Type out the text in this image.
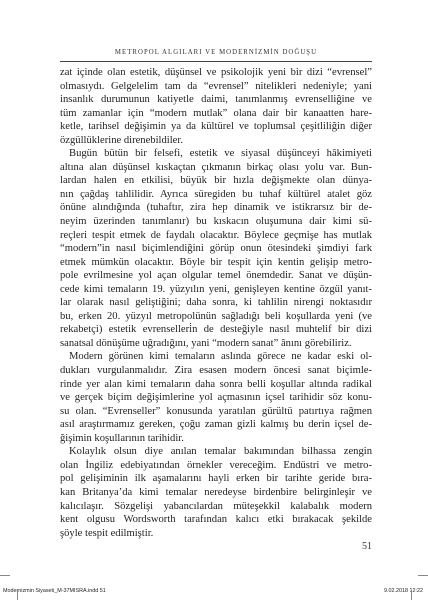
METROPOL ALGILARI VE MODERNİZMİN DOĞUŞU
zat içinde olan estetik, düşünsel ve psikolojik yeni bir dizi “evrensel”
olmasıydı. Gelgelelim tam da “evrensel” nitelikleri nedeniyle; yani
insanlık durumunun katiyetle daimi, tanımlanmış evrenselliğine ve
tüm zamanlar için “modern mutlak” olana dair bir kanaatten hare-
ketle, tarihsel değişimin ya da kültürel ve toplumsal çeşitliliğin diğer
özgüllüklerine direnebildiler.
Bugün bütün bir felsefi, estetik ve siyasal düşünceyi hâkimiyeti
altına alan düşünsel kıskaçtan çıkmanın birkaç olası yolu var. Bun-
lardan halen en etkilisi, büyük bir hızla değişmekte olan dünya-
nın çağdaş tahlilidir. Ayrıca süregiden bu tuhaf kültürel atalet göz
önüne alındığında (tuhaftır, zira hep dinamik ve istikrarsız bir de-
neyim üzerinden tanımlanır) bu kıskacın oluşumuna dair kimi sü-
reçleri tespit etmek de faydalı olacaktır. Böylece geçmişe has mutlak
“modern”in nasıl biçimlendiğini görüp onun ötesindeki şimdiyi fark
etmek mümkün olacaktır. Böyle bir tespit için kentin gelişip metro-
pole evrilmesine yol açan olgular temel önemdedir. Sanat ve düşün-
cede kimi temaların 19. yüzyılın yeni, genişleyen kentine özgül yanıt-
lar olarak nasıl geliştiğini; daha sonra, ki tahlilin nirengi noktasıdır
bu, erken 20. yüzyıl metropolünün sağladığı beli koşullarda yeni (ve
rekabetçi) estetik evrenselleri̇n de desteğiyle nasıl muhtelif bir dizi
sanatsal dönüşüme uğradığını, yani “modern sanat” ânını görebiliriz.
Modern görünen kimi temaların aslında görece ne kadar eski ol-
dukları vurgulanmalıdır. Zira esasen modern öncesi sanat biçimle-
rinde yer alan kimi temaların daha sonra belli koşullar altında radikal
ve gerçek biçim değişimlerine yol açmasının içsel tarihidir söz konu-
su olan. “Evrenseller” konusunda yaratılan gürültü patırtıya rağmen
asıl araştırmamız gereken, çoğu zaman gizli kalmış bu derin içsel de-
ğişimin koşullarının tarihidir.
Kolaylık olsun diye anılan temalar bakımından bilhassa zengin
olan İngiliz edebiyatından örnekler vereceğim. Endüstri ve metro-
pol gelişiminin ilk aşamalarını hayli erken bir tarihte geride bıra-
kan Britanya’da kimi temalar neredeyse birdenbire belirginleşir ve
kalıcılaşır. Sözgelişi yabancılardan müteşekkil kalabalık modern
kent olgusu Wordsworth tarafından kalıcı etki bırakacak şekilde
şöyle tespit edilmiştir.
51
Modernizmin Siyaseti_M-37MISRA.indd 51	9.02.2018 12:22
